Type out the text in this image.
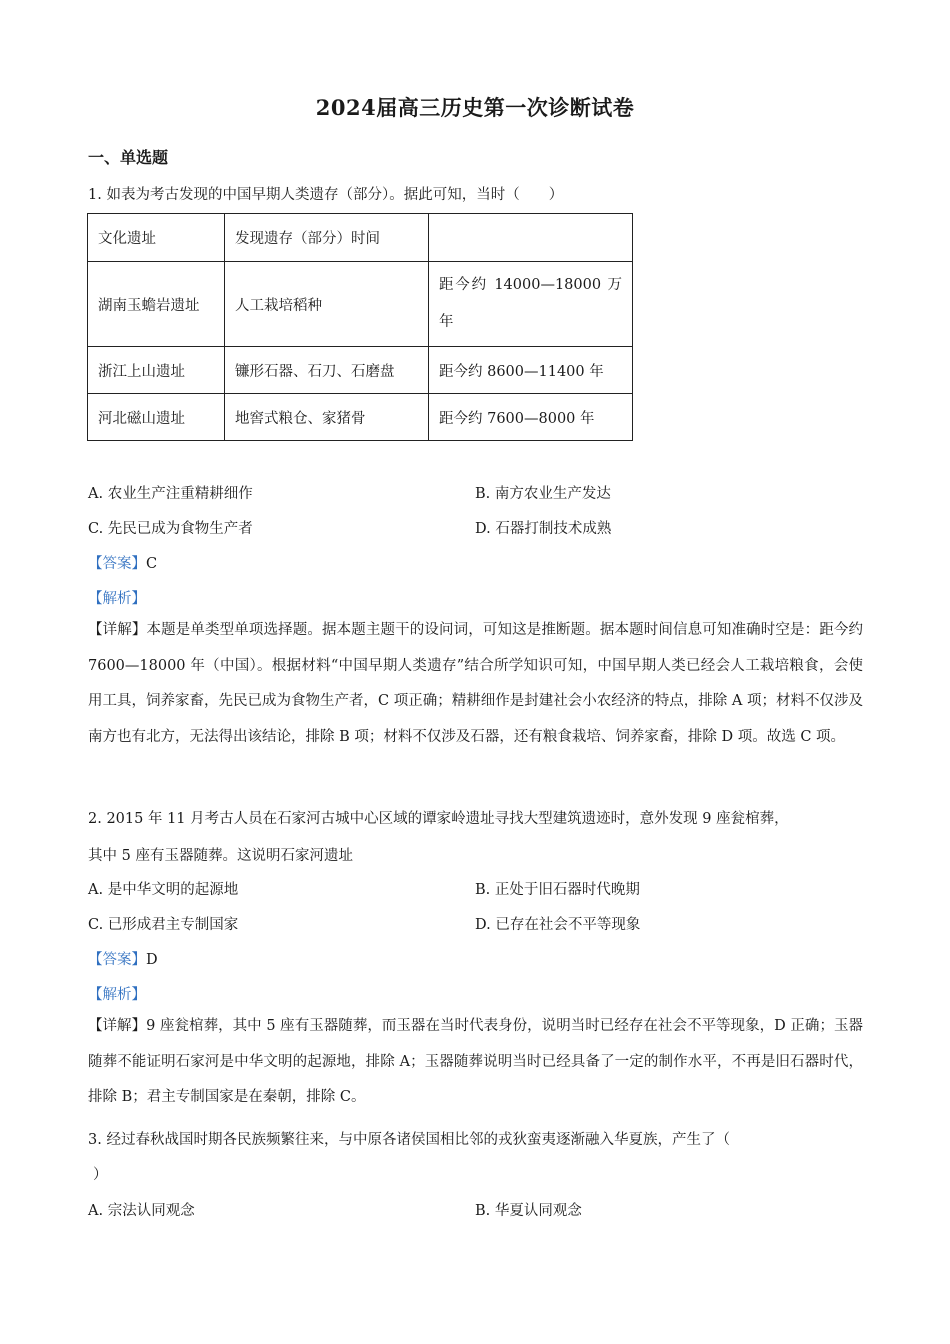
2024届高三历史第一次诊断试卷
一、单选题
1. 如表为考古发现的中国早期人类遗存（部分）。据此可知，当时（　　）
文化遗址	发现遗存（部分）时间	
湖南玉蟾岩遗址	人工栽培稻种	距今约 14000—18000 万年
浙江上山遗址	镰形石器、石刀、石磨盘	距今约 8600—11400 年
河北磁山遗址	地窖式粮仓、家猪骨	距今约 7600—8000 年
A. 农业生产注重精耕细作	B. 南方农业生产发达
C. 先民已成为食物生产者	D. 石器打制技术成熟
【答案】C
【解析】
【详解】本题是单类型单项选择题。据本题主题干的设问词，可知这是推断题。据本题时间信息可知准确时空是：距今约 7600—18000 年（中国）。根据材料“中国早期人类遗存”结合所学知识可知，中国早期人类已经会人工栽培粮食，会使用工具，饲养家畜，先民已成为食物生产者，C 项正确；精耕细作是封建社会小农经济的特点，排除 A 项；材料不仅涉及南方也有北方，无法得出该结论，排除 B 项；材料不仅涉及石器，还有粮食栽培、饲养家畜，排除 D 项。故选 C 项。
2. 2015 年 11 月考古人员在石家河古城中心区域的谭家岭遗址寻找大型建筑遗迹时，意外发现 9 座瓮棺葬，
其中 5 座有玉器随葬。这说明石家河遗址
A. 是中华文明的起源地	B. 正处于旧石器时代晚期
C. 已形成君主专制国家	D. 已存在社会不平等现象
【答案】D
【解析】
【详解】9 座瓮棺葬，其中 5 座有玉器随葬，而玉器在当时代表身份，说明当时已经存在社会不平等现象，D 正确；玉器随葬不能证明石家河是中华文明的起源地，排除 A；玉器随葬说明当时已经具备了一定的制作水平，不再是旧石器时代，排除 B；君主专制国家是在秦朝，排除 C。
3. 经过春秋战国时期各民族频繁往来，与中原各诸侯国相比邻的戎狄蛮夷逐渐融入华夏族，产生了（
）
A. 宗法认同观念	B. 华夏认同观念
